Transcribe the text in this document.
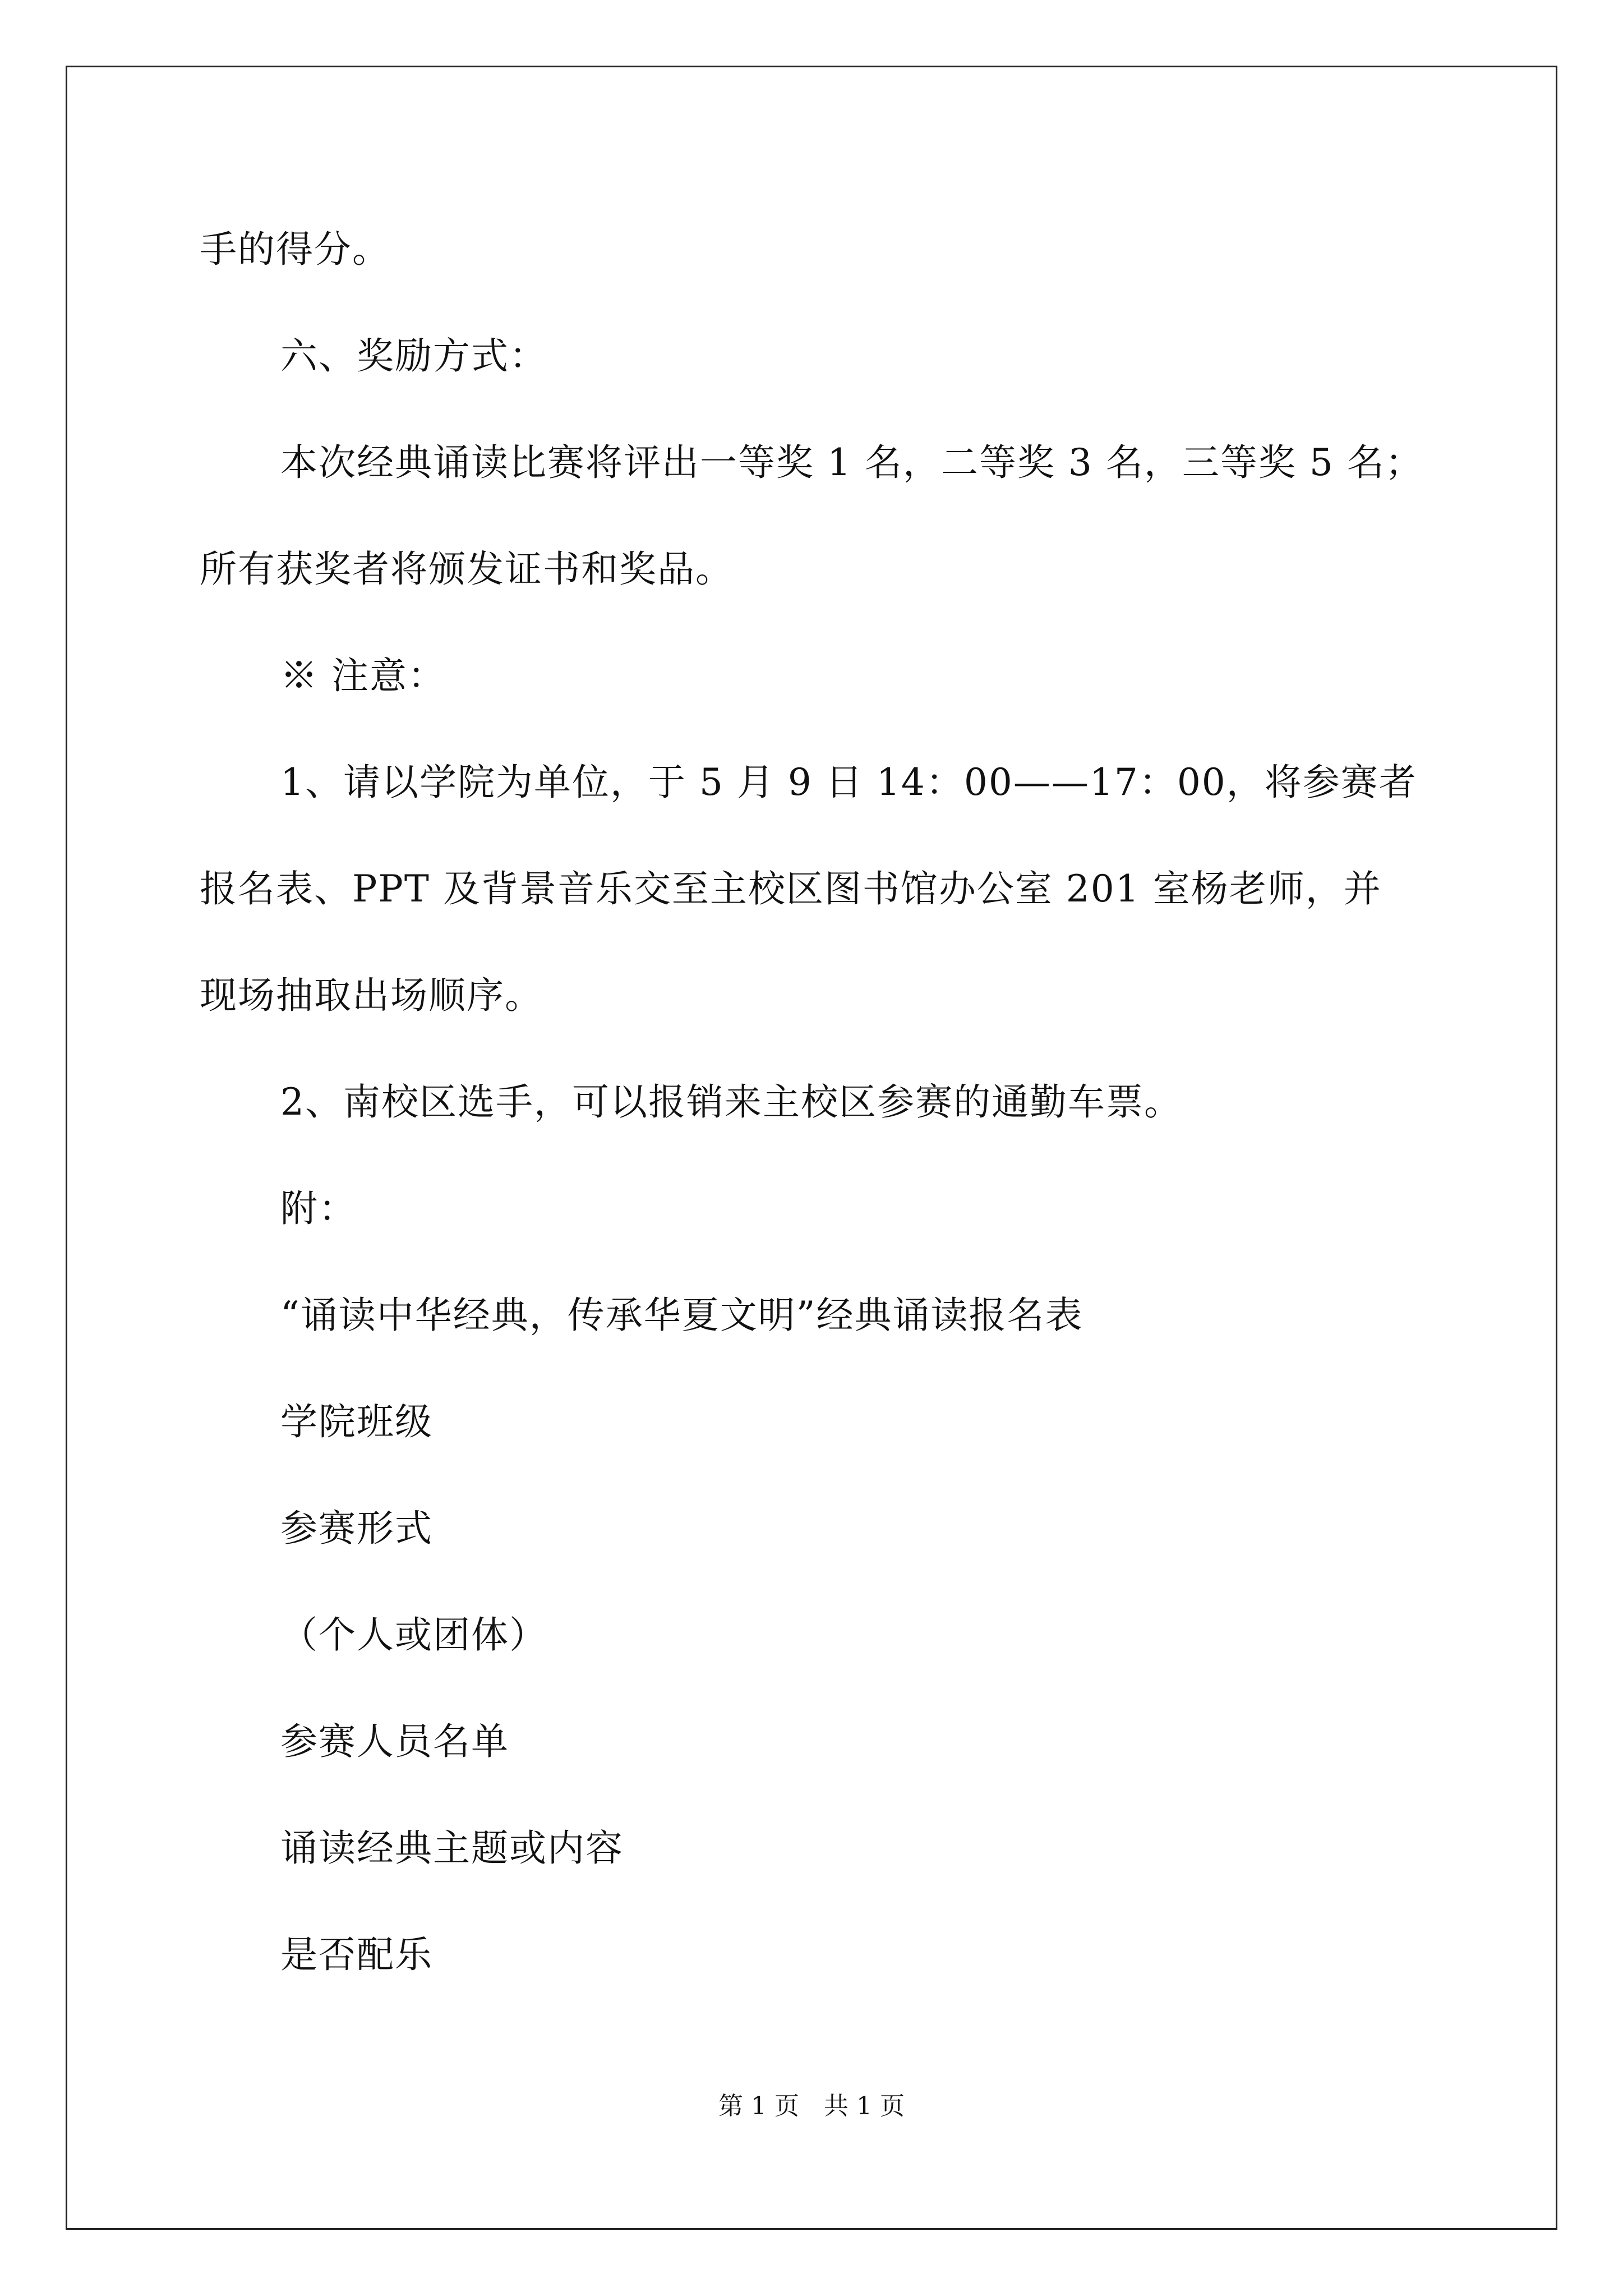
手的得分。
六、奖励方式：
本次经典诵读比赛将评出一等奖 1 名，二等奖 3 名，三等奖 5 名；
所有获奖者将颁发证书和奖品。
※ 注意：
1、请以学院为单位，于 5 月 9 日 14：00——17：00，将参赛者
报名表、PPT 及背景音乐交至主校区图书馆办公室 201 室杨老师，并
现场抽取出场顺序。
2、南校区选手，可以报销来主校区参赛的通勤车票。
附：
“诵读中华经典，传承华夏文明”经典诵读报名表
学院班级
参赛形式
（个人或团体）
参赛人员名单
诵读经典主题或内容
是否配乐
第 1 页　共 1 页
